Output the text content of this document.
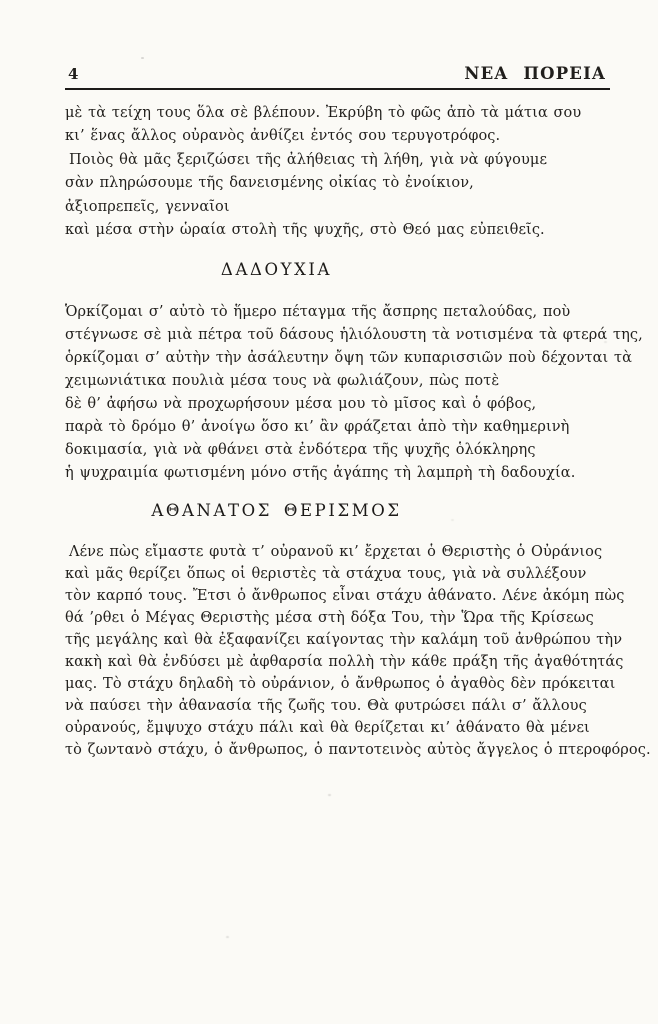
4	ΝΕΑ ΠΟΡΕΙΑ
μὲ τὰ τείχη τους ὅλα σὲ βλέπουν. Ἐκρύβη τὸ φῶς ἀπὸ τὰ μάτια σου
κι’ ἕνας ἄλλος οὐρανὸς ἀνθίζει ἐντός σου τερυγοτρόφος.
Ποιὸς θὰ μᾶς ξεριζώσει τῆς ἀλήθειας τὴ λήθη, γιὰ νὰ φύγουμε
σὰν πληρώσουμε τῆς δανεισμένης οἰκίας τὸ ἐνοίκιον,
ἀξιοπρεπεῖς, γενναῖοι
καὶ μέσα στὴν ὡραία στολὴ τῆς ψυχῆς, στὸ Θεό μας εὐπειθεῖς.
ΔΑΔΟΥΧΙΑ
Ὁρκίζομαι σ’ αὐτὸ τὸ ἥμερο πέταγμα τῆς ἄσπρης πεταλούδας, ποὺ
στέγνωσε σὲ μιὰ πέτρα τοῦ δάσους ἡλιόλουστη τὰ νοτισμένα τὰ φτερά της,
ὁρκίζομαι σ’ αὐτὴν τὴν ἀσάλευτην ὄψη τῶν κυπαρισσιῶν ποὺ δέχονται τὰ
χειμωνιάτικα πουλιὰ μέσα τους νὰ φωλιάζουν, πὼς ποτὲ
δὲ θ’ ἀφήσω νὰ προχωρήσουν μέσα μου τὸ μῖσος καὶ ὁ φόβος,
παρὰ τὸ δρόμο θ’ ἀνοίγω ὅσο κι’ ἂν φράζεται ἀπὸ τὴν καθημερινὴ
δοκιμασία, γιὰ νὰ φθάνει στὰ ἐνδότερα τῆς ψυχῆς ὁλόκληρης
ἡ ψυχραιμία φωτισμένη μόνο στῆς ἀγάπης τὴ λαμπρὴ τὴ δαδουχία.
ΑΘΑΝΑΤΟΣ ΘΕΡΙΣΜΟΣ
Λένε πὼς εἴμαστε φυτὰ τ’ οὐρανοῦ κι’ ἔρχεται ὁ Θεριστὴς ὁ Οὐράνιος
καὶ μᾶς θερίζει ὅπως οἱ θεριστὲς τὰ στάχυα τους, γιὰ νὰ συλλέξουν
τὸν καρπό τους. Ἔτσι ὁ ἄνθρωπος εἶναι στάχυ ἀθάνατο. Λένε ἀκόμη πὼς
θά ’ρθει ὁ Μέγας Θεριστὴς μέσα στὴ δόξα Του, τὴν Ὥρα τῆς Κρίσεως
τῆς μεγάλης καὶ θὰ ἐξαφανίζει καίγοντας τὴν καλάμη τοῦ ἀνθρώπου τὴν
κακὴ καὶ θὰ ἐνδύσει μὲ ἀφθαρσία πολλὴ τὴν κάθε πράξη τῆς ἀγαθότητάς
μας. Τὸ στάχυ δηλαδὴ τὸ οὐράνιον, ὁ ἄνθρωπος ὁ ἀγαθὸς δὲν πρόκειται
νὰ παύσει τὴν ἀθανασία τῆς ζωῆς του. Θὰ φυτρώσει πάλι σ’ ἄλλους
οὐρανούς, ἔμψυχο στάχυ πάλι καὶ θὰ θερίζεται κι’ ἀθάνατο θὰ μένει
τὸ ζωντανὸ στάχυ, ὁ ἄνθρωπος, ὁ παντοτεινὸς αὐτὸς ἄγγελος ὁ πτεροφόρος.
